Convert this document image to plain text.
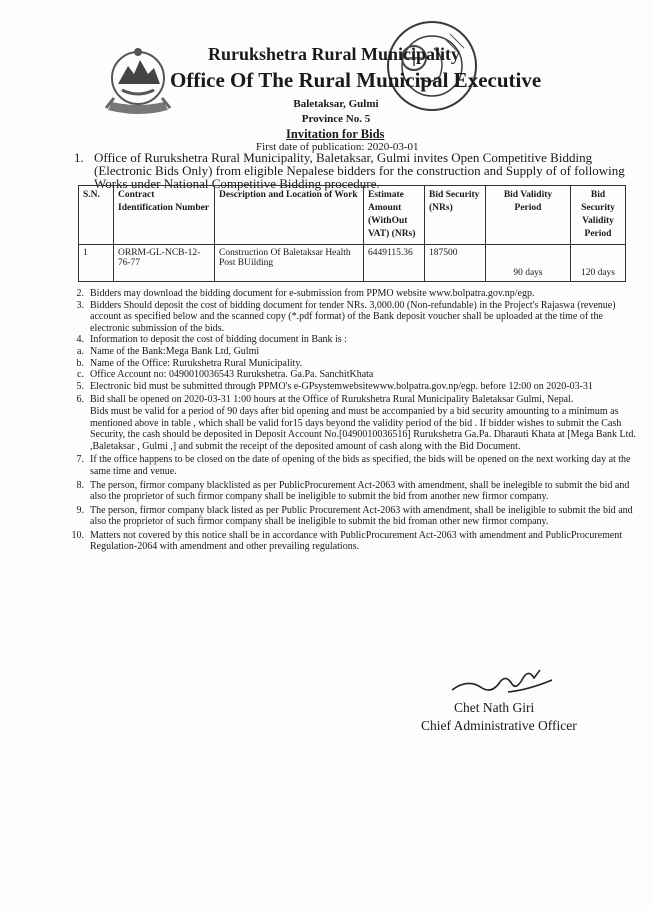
Rurukshetra Rural Municipality
Office Of The Rural Municipal Executive
Baletaksar, Gulmi
Province No. 5
Invitation for Bids
First date of publication: 2020-03-01
1. Office of Rurukshetra Rural Municipality, Baletaksar, Gulmi invites Open Competitive Bidding (Electronic Bids Only) from eligible Nepalese bidders for the construction and Supply of of following Works under National Competitive Bidding procedure.
S.N.	Contract Identification Number	Description and Location of Work	Estimate Amount (WithOut VAT) (NRs)	Bid Security (NRs)	Bid Validity Period	Bid Security Validity Period
1	ORRM-GL-NCB-12-76-77	Construction Of Baletaksar Health Post BUilding	6449115.36	187500	90 days	120 days

2. Bidders may download the bidding document for e-submission from PPMO website www.bolpatra.gov.np/egp.

3. Bidders Should deposit the cost of bidding document for tender NRs. 3,000.00 (Non-refundable) in the Project's Rajaswa (revenue) account as specified below and the scanned copy (*.pdf format) of the Bank deposit voucher shall be uploaded at the time of the electronic submission of the bids.

4. Information to deposit the cost of bidding document in Bank is :

a. Name of the Bank:Mega Bank Ltd, Gulmi

b. Name of the Office: Rurukshetra Rural Municipality.

c. Office Account no: 0490010036543 Rurukshetra. Ga.Pa. SanchitKhata

5. Electronic bid must be submitted through PPMO's e-GPsystemwebsitewww.bolpatra.gov.np/egp. before 12:00 on 2020-03-31

6. Bid shall be opened on 2020-03-31 1:00 hours at the Office of Rurukshetra Rural Municipality Baletaksar Gulmi, Nepal.

Bids must be valid for a period of 90 days after bid opening and must be accompanied by a bid security amounting to a minimum as mentioned above in table , which shall be valid for15 days beyond the validity period of the bid . If bidder wishes to submit the Cash Security, the cash should be deposited in Deposit Account No.[0490010036516] Rurukshetra Ga.Pa. Dharauti Khata at [Mega Bank Ltd. ,Baletaksar , Gulmi ,] and submit the receipt of the deposited amount of cash along with the Bid Document.

7. If the office happens to be closed on the date of opening of the bids as specified, the bids will be opened on the next working day at the same time and venue.

8. The person, firmor company blacklisted as per PublicProcurement Act-2063 with amendment, shall be inelegible to submit the bid and also the proprietor of such firmor company shall be ineligible to submit the bid from another new firmor company.

9. The person, firmor company black listed as per Public Procurement Act-2063 with amendment, shall be ineligible to submit the bid and also the proprietor of such firmor company shall be ineligible to submit the bid froman other new firmor company.

10. Matters not covered by this notice shall be in accordance with PublicProcurement Act-2063 with amendment and PublicProcurement Regulation-2064 with amendment and other prevailing regulations.

Chet Nath Giri
Chief Administrative Officer
